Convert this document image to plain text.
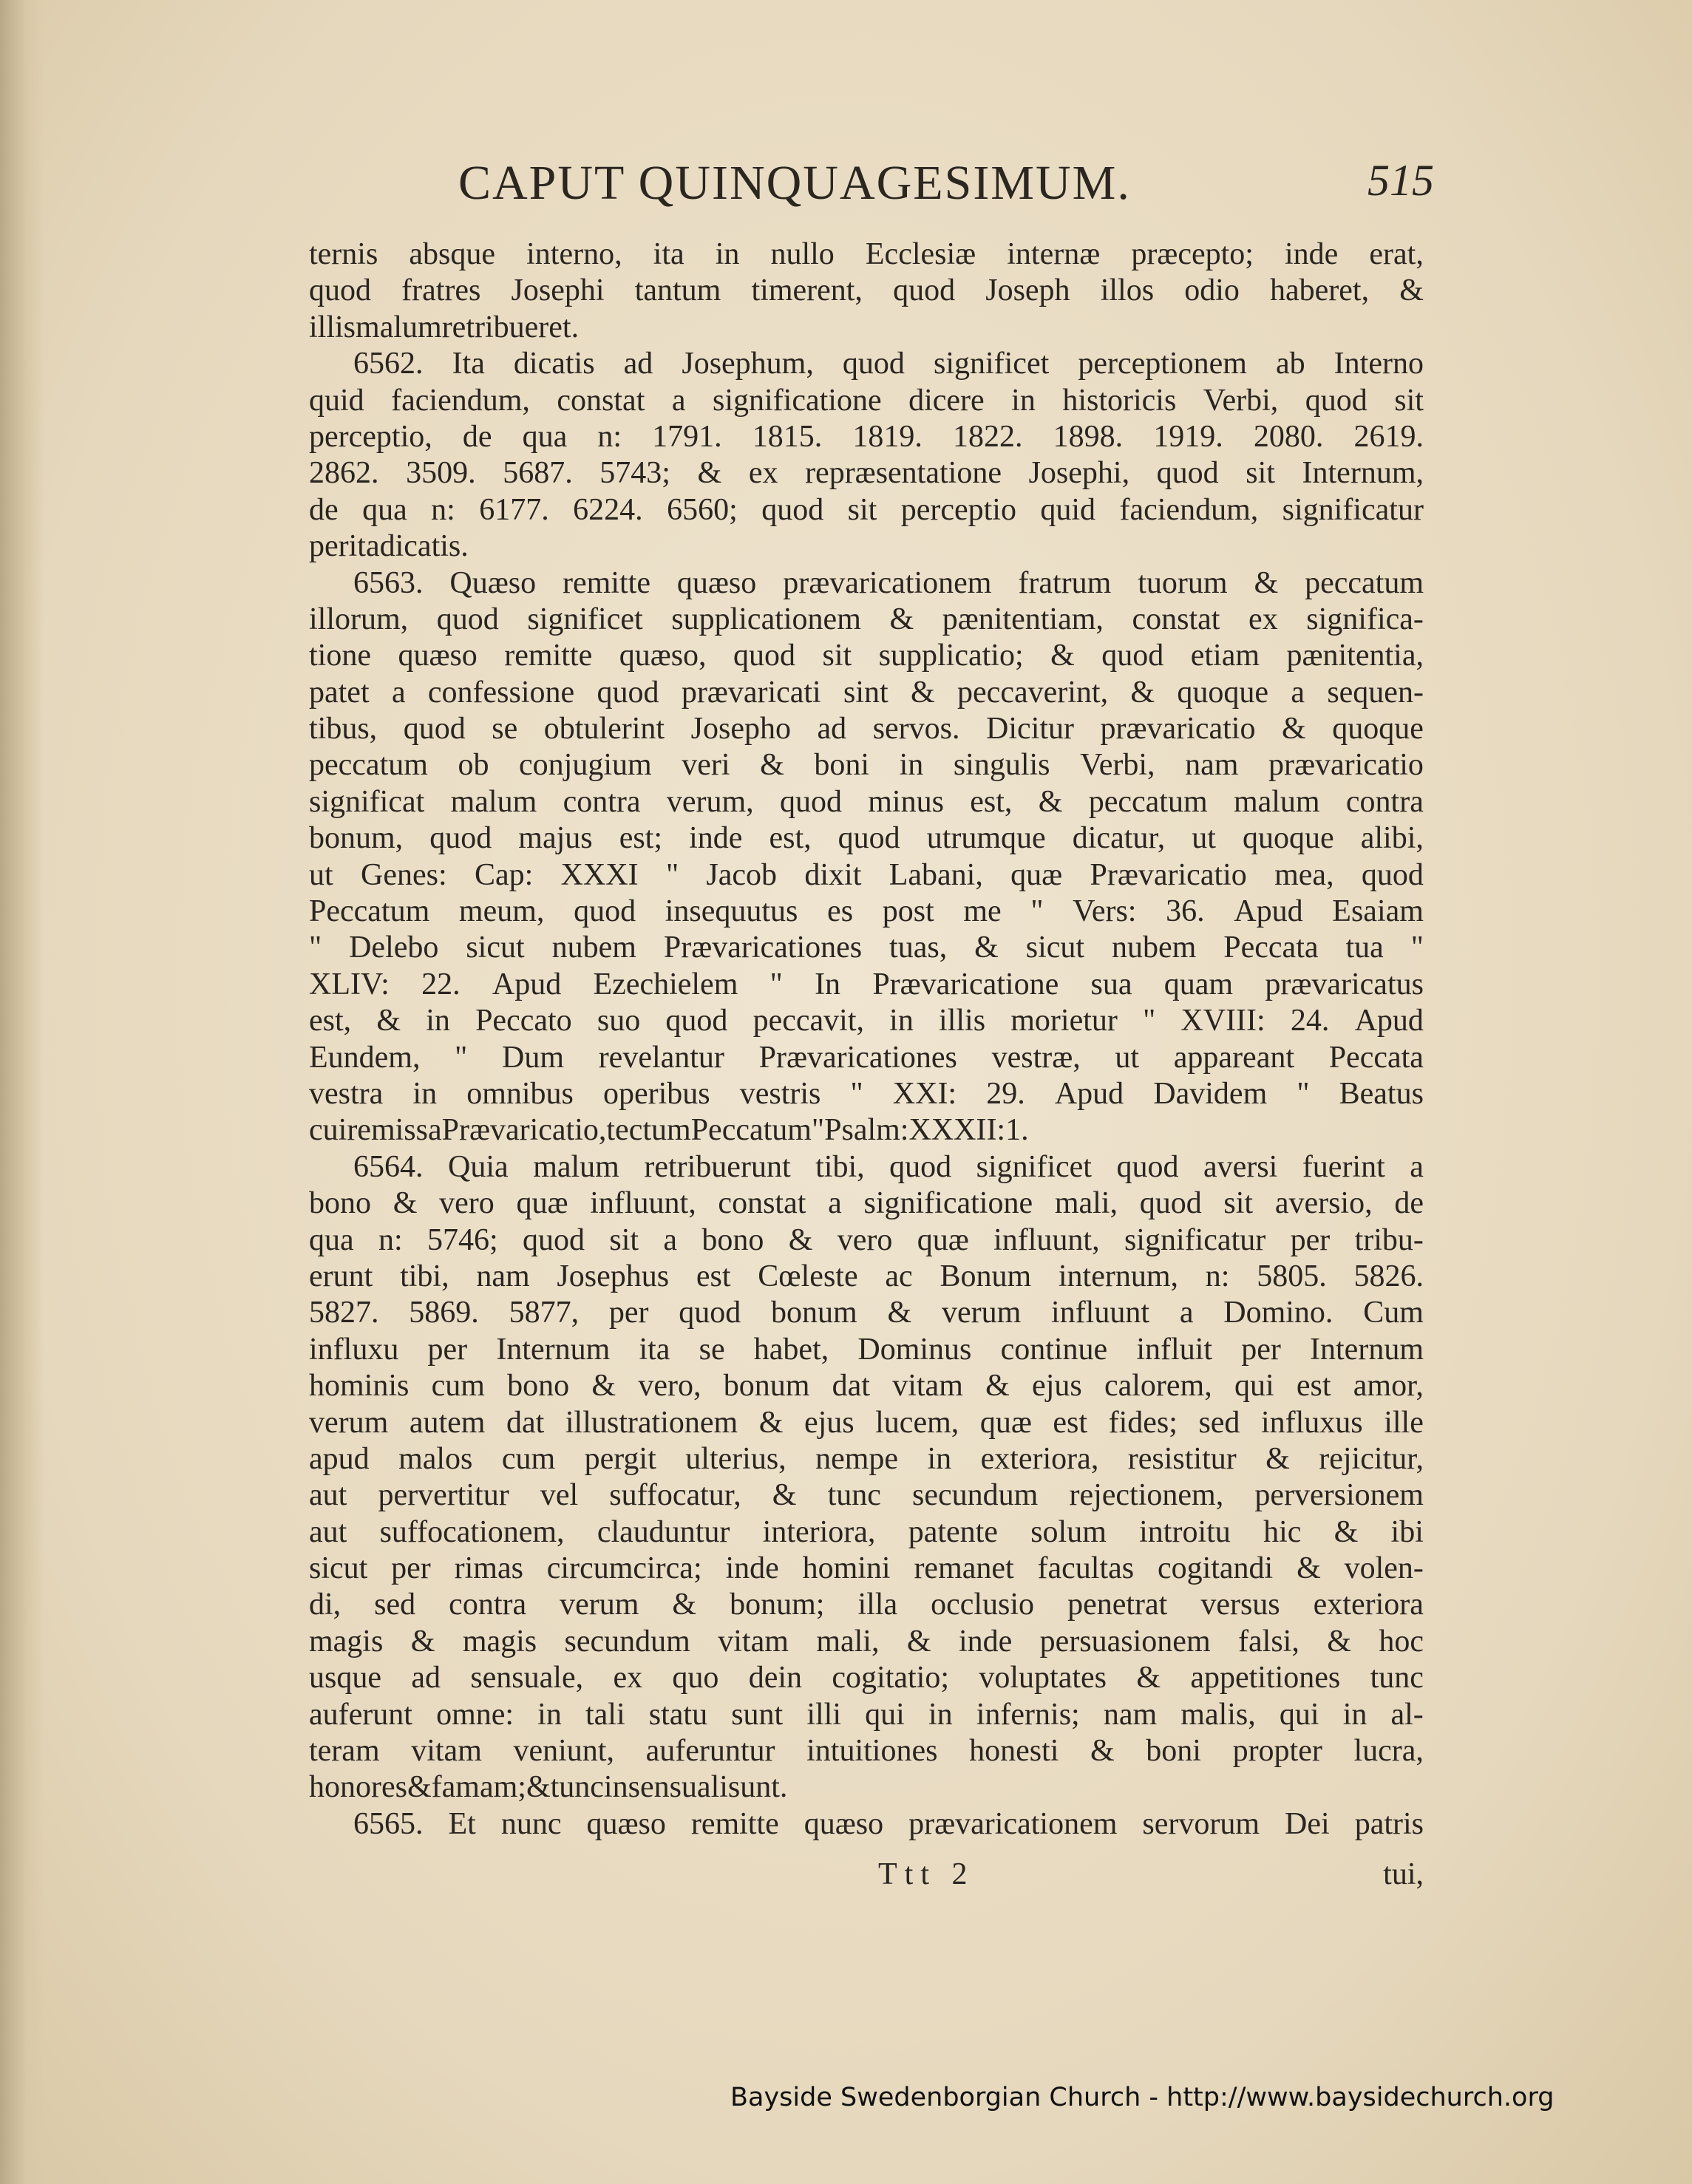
CAPUT QUINQUAGESIMUM.	515
ternis absque interno, ita in nullo Ecclesiæ internæ præcepto; inde erat,
quod fratres Josephi tantum timerent, quod Joseph illos odio haberet, &
illis malum retribueret.
6562. Ita dicatis ad Josephum, quod significet perceptionem ab Interno
quid faciendum, constat a significatione dicere in historicis Verbi, quod sit
perceptio, de qua n: 1791. 1815. 1819. 1822. 1898. 1919. 2080. 2619.
2862. 3509. 5687. 5743; & ex repræsentatione Josephi, quod sit Internum,
de qua n: 6177. 6224. 6560; quod sit perceptio quid faciendum, significatur
per ita dicatis.
6563. Quæso remitte quæso prævaricationem fratrum tuorum & peccatum
illorum, quod significet supplicationem & pænitentiam, constat ex significa-
tione quæso remitte quæso, quod sit supplicatio; & quod etiam pænitentia,
patet a confessione quod prævaricati sint & peccaverint, & quoque a sequen-
tibus, quod se obtulerint Josepho ad servos. Dicitur prævaricatio & quoque
peccatum ob conjugium veri & boni in singulis Verbi, nam prævaricatio
significat malum contra verum, quod minus est, & peccatum malum contra
bonum, quod majus est; inde est, quod utrumque dicatur, ut quoque alibi,
ut Genes: Cap: XXXI " Jacob dixit Labani, quæ Prævaricatio mea, quod
Peccatum meum, quod insequutus es post me " Vers: 36. Apud Esaiam
" Delebo sicut nubem Prævaricationes tuas, & sicut nubem Peccata tua "
XLIV: 22. Apud Ezechielem " In Prævaricatione sua quam prævaricatus
est, & in Peccato suo quod peccavit, in illis morietur " XVIII: 24. Apud
Eundem, " Dum revelantur Prævaricationes vestræ, ut appareant Peccata
vestra in omnibus operibus vestris " XXI: 29. Apud Davidem " Beatus
cui remissa Prævaricatio, tectum Peccatum " Psalm: XXXII: 1.
6564. Quia malum retribuerunt tibi, quod significet quod aversi fuerint a
bono & vero quæ influunt, constat a significatione mali, quod sit aversio, de
qua n: 5746; quod sit a bono & vero quæ influunt, significatur per tribu-
erunt tibi, nam Josephus est Cœleste ac Bonum internum, n: 5805. 5826.
5827. 5869. 5877, per quod bonum & verum influunt a Domino. Cum
influxu per Internum ita se habet, Dominus continue influit per Internum
hominis cum bono & vero, bonum dat vitam & ejus calorem, qui est amor,
verum autem dat illustrationem & ejus lucem, quæ est fides; sed influxus ille
apud malos cum pergit ulterius, nempe in exteriora, resistitur & rejicitur,
aut pervertitur vel suffocatur, & tunc secundum rejectionem, perversionem
aut suffocationem, clauduntur interiora, patente solum introitu hic & ibi
sicut per rimas circumcirca; inde homini remanet facultas cogitandi & volen-
di, sed contra verum & bonum; illa occlusio penetrat versus exteriora
magis & magis secundum vitam mali, & inde persuasionem falsi, & hoc
usque ad sensuale, ex quo dein cogitatio; voluptates & appetitiones tunc
auferunt omne: in tali statu sunt illi qui in infernis; nam malis, qui in al-
teram vitam veniunt, auferuntur intuitiones honesti & boni propter lucra,
honores & famam; & tunc in sensuali sunt.
6565. Et nunc quæso remitte quæso prævaricationem servorum Dei patris
Ttt 2	tui,
Bayside Swedenborgian Church - http://www.baysidechurch.org
